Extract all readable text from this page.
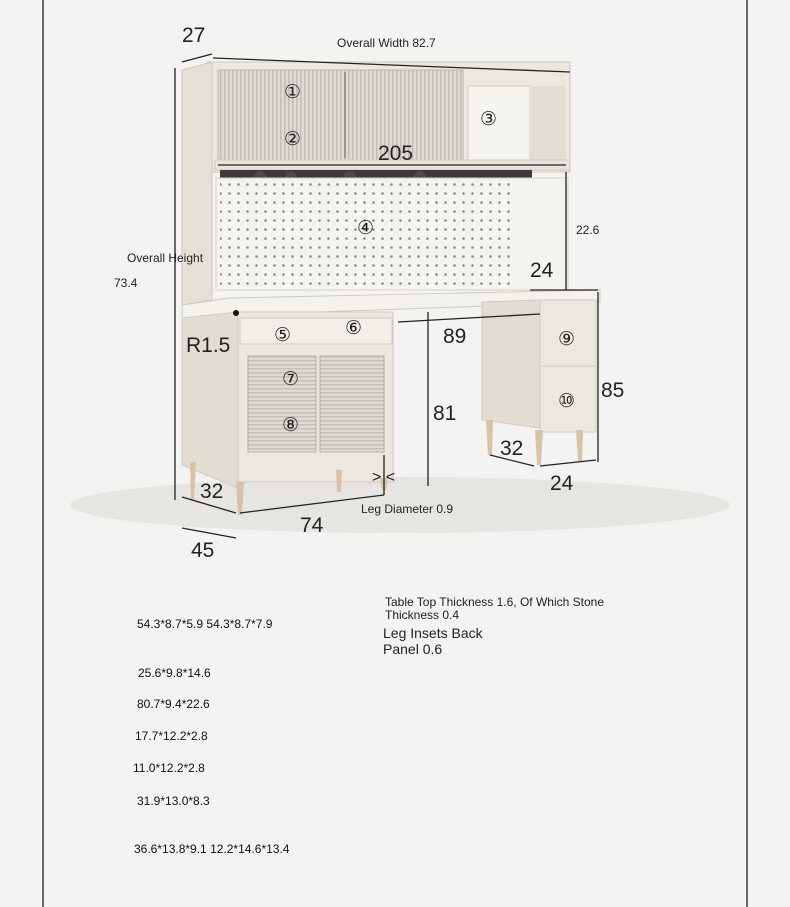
①
②
③
④
⑤	⑥
⑦
⑧
⑨
⑩
27	Overall Width 82.7
205
22.6
Overall Height
73.4
24
R1.5	89
81
85
32
32	24
> <
74
Leg Diameter 0.9
45
Table Top Thickness 1.6, Of Which Stone Thickness 0.4
Leg Insets Back
Panel 0.6
54.3*8.7*5.9 54.3*8.7*7.9
25.6*9.8*14.6
80.7*9.4*22.6
17.7*12.2*2.8
11.0*12.2*2.8
31.9*13.0*8.3
36.6*13.8*9.1 12.2*14.6*13.4
